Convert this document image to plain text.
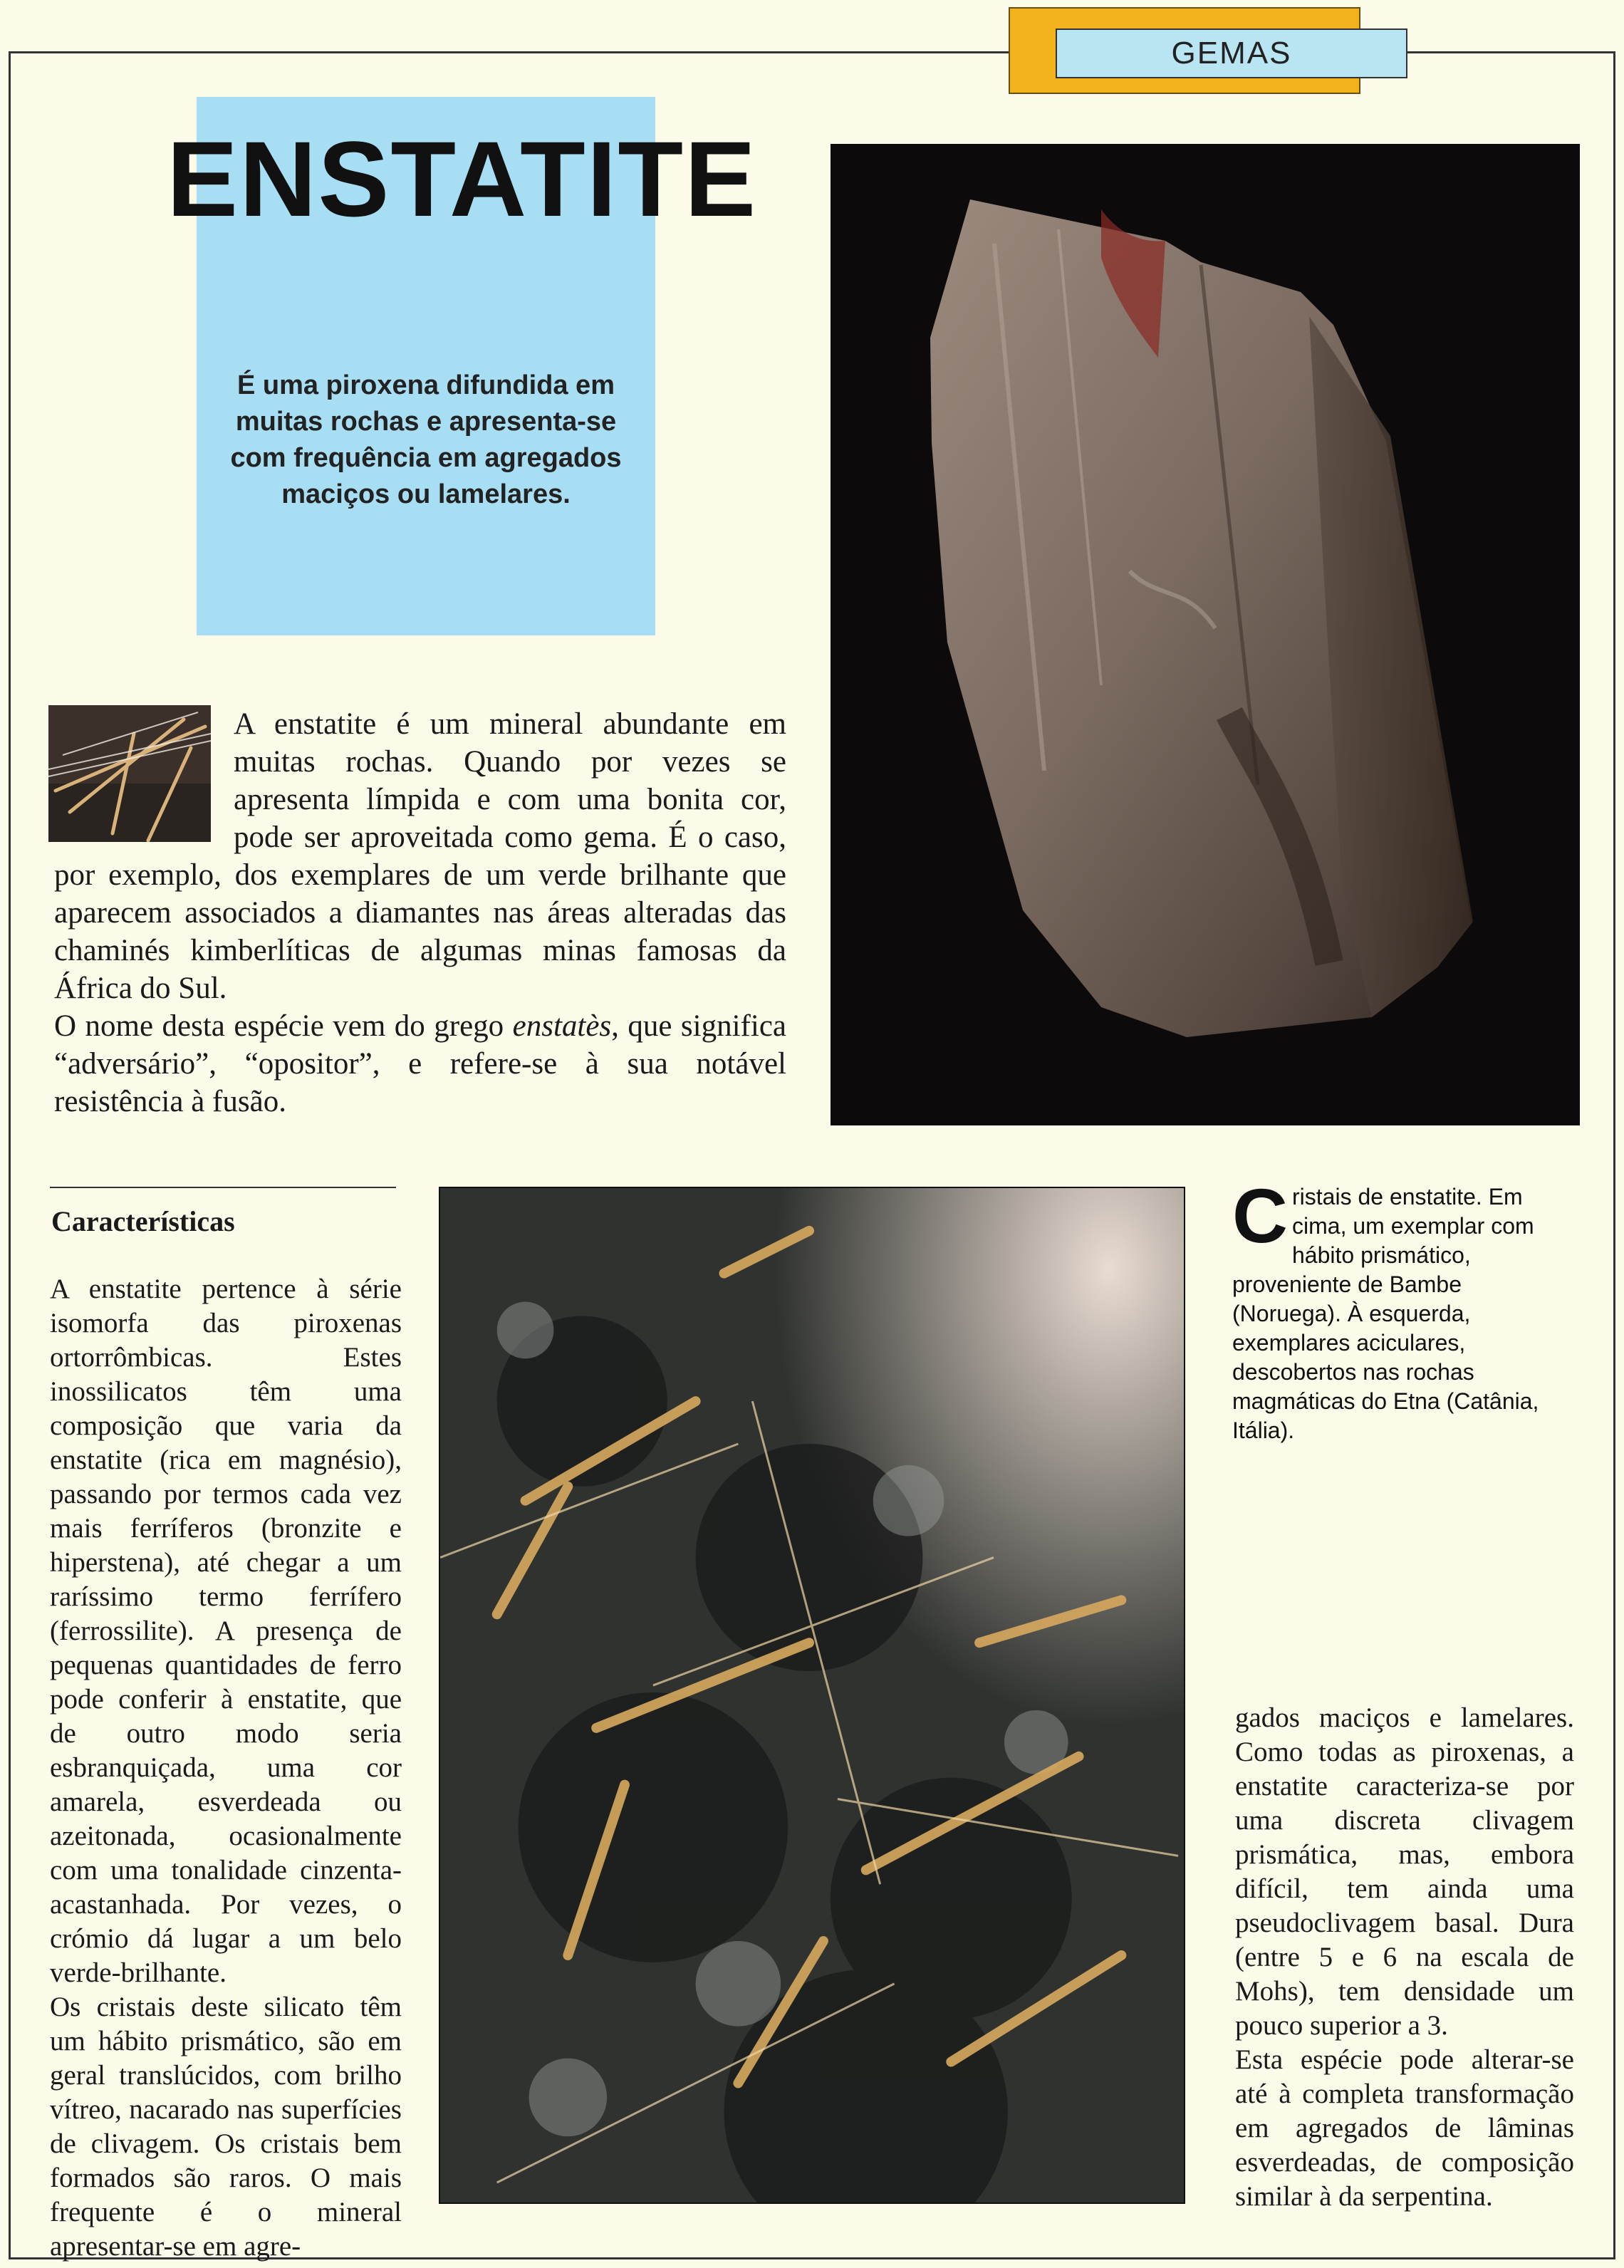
GEMAS
ENSTATITE

É uma piroxena difundida em muitas rochas e apresenta-se com frequência em agregados maciços ou lamelares.

A enstatite é um mineral abundante em muitas rochas. Quando por vezes se apresenta límpida e com uma bonita cor, pode ser aproveitada como gema. É o caso, por exemplo, dos exemplares de um verde brilhante que aparecem associados a diamantes nas áreas alteradas das chaminés kimberlíticas de algumas minas famosas da África do Sul.

O nome desta espécie vem do grego enstatès, que significa “adversário”, “opositor”, e refere-se à sua notável resistência à fusão.

Características

A enstatite pertence à série isomorfa das piroxenas ortorrômbicas. Estes inossilicatos têm uma composição que varia da enstatite (rica em magnésio), passando por termos cada vez mais ferríferos (bronzite e hiperstena), até chegar a um raríssimo termo ferrífero (ferrossilite). A presença de pequenas quantidades de ferro pode conferir à enstatite, que de outro modo seria esbranquiçada, uma cor amarela, esverdeada ou azeitonada, ocasionalmente com uma tonalidade cinzenta-acastanhada. Por vezes, o crómio dá lugar a um belo verde-brilhante.

Os cristais deste silicato têm um hábito prismático, são em geral translúcidos, com brilho vítreo, nacarado nas superfícies de clivagem. Os cristais bem formados são raros. O mais frequente é o mineral apresentar-se em agre-

Cristais de enstatite. Em cima, um exemplar com hábito prismático, proveniente de Bambe (Noruega). À esquerda, exemplares aciculares, descobertos nas rochas magmáticas do Etna (Catânia, Itália).

gados maciços e lamelares. Como todas as piroxenas, a enstatite caracteriza-se por uma discreta clivagem prismática, mas, embora difícil, tem ainda uma pseudoclivagem basal. Dura (entre 5 e 6 na escala de Mohs), tem densidade um pouco superior a 3.

Esta espécie pode alterar-se até à completa transformação em agregados de lâminas esverdeadas, de composição similar à da serpentina.
